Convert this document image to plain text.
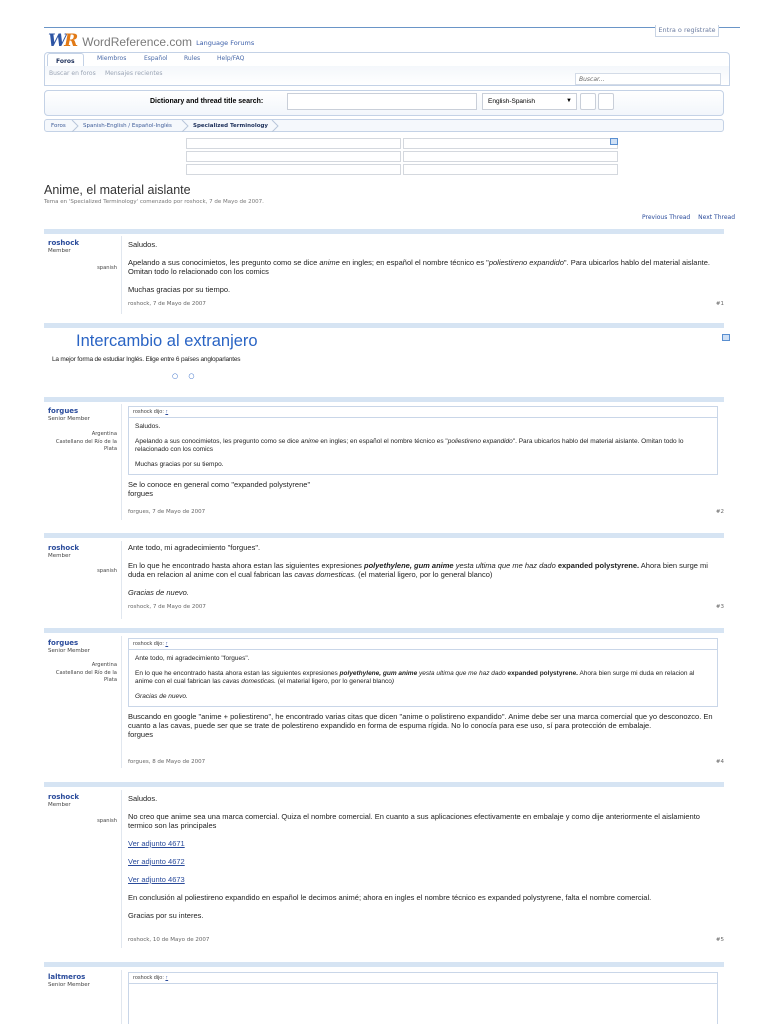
Entra o regístrate
W
R WordReference.com Language Forums
Foros	Miembros	Español	Rules	Help/FAQ
Buscar en foros Mensajes recientes
Buscar...
Dictionary and thread title search:	English-Spanish	▼
Foros	Spanish-English / Español-Inglés	Specialized Terminology
Anime, el material aislante
Tema en 'Specialized Terminology' comenzado por roshock, 7 de Mayo de 2007.
Previous Thread Next Thread
roshock
Member
spanish

Saludos.

Apelando a sus conocimietos, les pregunto como se dice anime en ingles; en español el nombre técnico es "poliestireno expandido". Para ubicarlos hablo del material aislante. Omitan todo lo relacionado con los comics

Muchas gracias por su tiempo.

roshock, 7 de Mayo de 2007	#1
Intercambio al extranjero
La mejor forma de estudiar Inglés. Elige entre 6 países angloparlantes
○ ○
forgues
Senior Member
Argentina
Castellano del Río de la
Plata
roshock dijo: ↑

Saludos.

Apelando a sus conocimietos, les pregunto como se dice anime en ingles; en español el nombre técnico es "poliestireno expandido". Para ubicarlos hablo del material aislante. Omitan todo lo relacionado con los comics

Muchas gracias por su tiempo.

Se lo conoce en general como "expanded polystyrene"
forgues
forgues, 7 de Mayo de 2007	#2
roshock
Member
spanish

Ante todo, mi agradecimiento "forgues".

En lo que he encontrado hasta ahora estan las siguientes expresiones polyethylene, gum anime yesta ultima que me haz dado expanded polystyrene. Ahora bien surge mi duda en relacion al anime con el cual fabrican las cavas domesticas. (el material ligero, por lo general blanco)

Gracias de nuevo.

roshock, 7 de Mayo de 2007	#3
forgues
Senior Member
Argentina
Castellano del Río de la
Plata
roshock dijo: ↑

Ante todo, mi agradecimiento "forgues".

En lo que he encontrado hasta ahora estan las siguientes expresiones polyethylene, gum anime yesta ultima que me haz dado expanded polystyrene. Ahora bien surge mi duda en relacion al anime con el cual fabrican las cavas domesticas. (el material ligero, por lo general blanco)

Gracias de nuevo.

Buscando en google "anime + poliestireno", he encontrado varias citas que dicen "anime o polistireno expandido". Anime debe ser una marca comercial que yo desconozco. En cuanto a las cavas, puede ser que se trate de polestireno expandido en forma de espuma rígida. No lo conocía para ese uso, sí para protección de embalaje.
forgues
forgues, 8 de Mayo de 2007	#4
roshock
Member
spanish

Saludos.

No creo que anime sea una marca comercial. Quiza el nombre comercial. En cuanto a sus aplicaciones efectivamente en embalaje y como dije anteriormente el aislamiento termico son las principales

Ver adjunto 4671

Ver adjunto 4672

Ver adjunto 4673

En conclusión al poliestireno expandido en español le decimos animé; ahora en ingles el nombre técnico es expanded polystyrene, falta el nombre comercial.

Gracias por su interes.

roshock, 10 de Mayo de 2007	#5
laltmeros
Senior Member
roshock dijo: ↑
